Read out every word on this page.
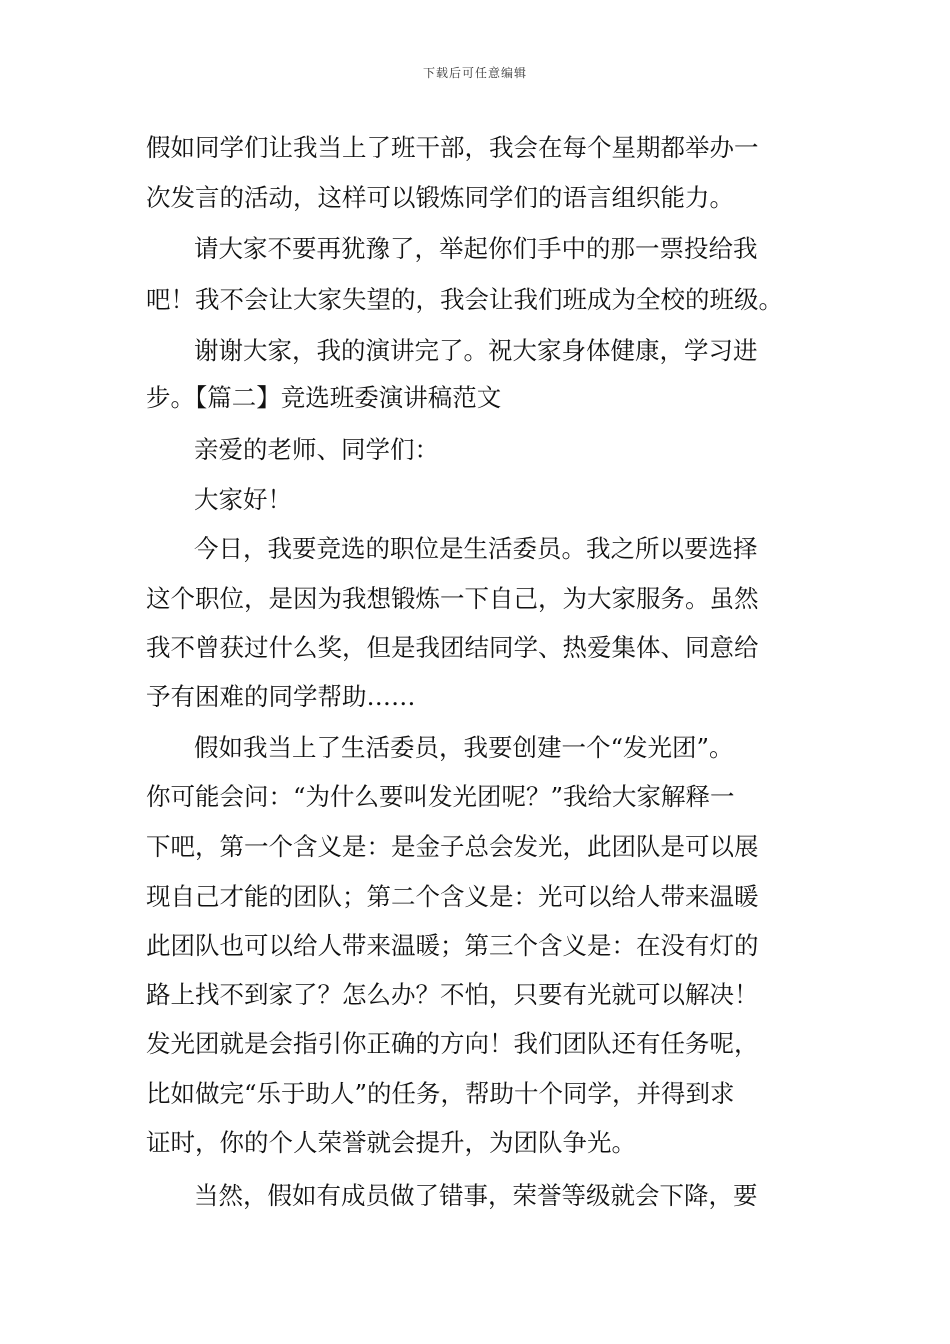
下载后可任意编辑
假如同学们让我当上了班干部，我会在每个星期都举办一
次发言的活动，这样可以锻炼同学们的语言组织能力。
请大家不要再犹豫了，举起你们手中的那一票投给我
吧！我不会让大家失望的，我会让我们班成为全校的班级。
谢谢大家，我的演讲完了。祝大家身体健康，学习进
步。【篇二】竞选班委演讲稿范文
亲爱的老师、同学们：
大家好！
今日，我要竞选的职位是生活委员。我之所以要选择
这个职位，是因为我想锻炼一下自己，为大家服务。虽然
我不曾获过什么奖，但是我团结同学、热爱集体、同意给
予有困难的同学帮助……
假如我当上了生活委员，我要创建一个“发光团”。
你可能会问：“为什么要叫发光团呢？”我给大家解释一
下吧，第一个含义是：是金子总会发光，此团队是可以展
现自己才能的团队；第二个含义是：光可以给人带来温暖
此团队也可以给人带来温暖；第三个含义是：在没有灯的
路上找不到家了？怎么办？不怕，只要有光就可以解决！
发光团就是会指引你正确的方向！我们团队还有任务呢，
比如做完“乐于助人”的任务，帮助十个同学，并得到求
证时，你的个人荣誉就会提升，为团队争光。
当然，假如有成员做了错事，荣誉等级就会下降，要
